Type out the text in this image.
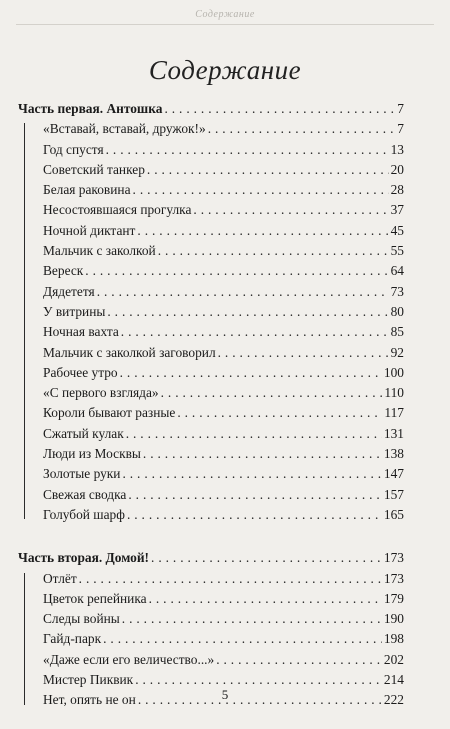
Содержание
Содержание
Часть первая. Антошка . . .	7
«Вставай, вставай, дружок!» . . .	7
Год спустя . . .	13
Советский танкер . . .	20
Белая раковина . . .	28
Несостоявшаяся прогулка . . .	37
Ночной диктант . . .	45
Мальчик с заколкой . . .	55
Вереск . . .	64
Дядететя . . .	73
У витрины . . .	80
Ночная вахта . . .	85
Мальчик с заколкой заговорил . . .	92
Рабочее утро . . .	100
«С первого взгляда» . . .	110
Короли бывают разные . . .	117
Сжатый кулак . . .	131
Люди из Москвы . . .	138
Золотые руки . . .	147
Свежая сводка . . .	157
Голубой шарф . . .	165
Часть вторая. Домой! . . .	173
Отлёт . . .	173
Цветок репейника . . .	179
Следы войны . . .	190
Гайд-парк . . .	198
«Даже если его величество...» . . .	202
Мистер Пиквик . . .	214
Нет, опять не он . . .	222
5
